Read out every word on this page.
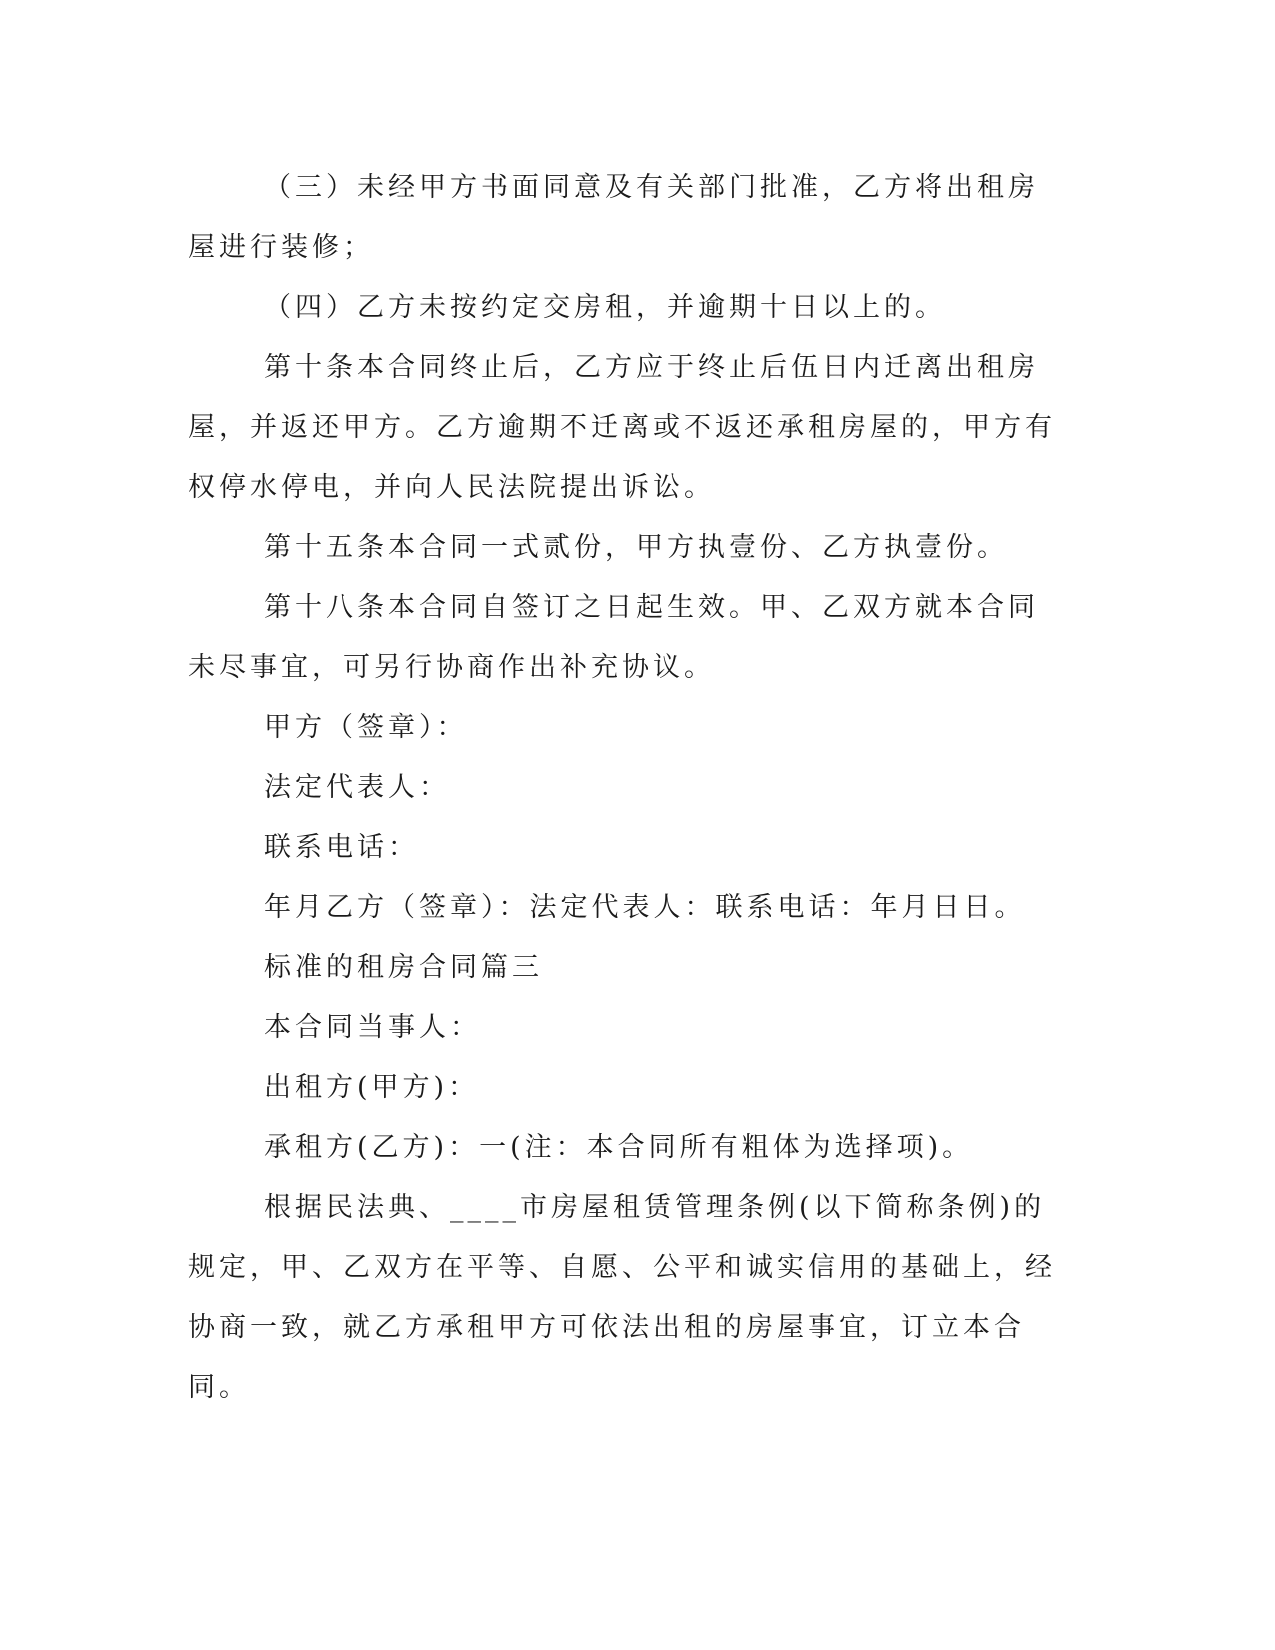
（三）未经甲方书面同意及有关部门批准，乙方将出租房屋进行装修；

（四）乙方未按约定交房租，并逾期十日以上的。

第十条本合同终止后，乙方应于终止后伍日内迁离出租房屋，并返还甲方。乙方逾期不迁离或不返还承租房屋的，甲方有权停水停电，并向人民法院提出诉讼。

第十五条本合同一式贰份，甲方执壹份、乙方执壹份。

第十八条本合同自签订之日起生效。甲、乙双方就本合同未尽事宜，可另行协商作出补充协议。

甲方（签章）：

法定代表人：

联系电话：

年月乙方（签章）：法定代表人：联系电话：年月日日。

标准的租房合同篇三

本合同当事人：

出租方(甲方)：

承租方(乙方)：一(注：本合同所有粗体为选择项)。

根据民法典、____市房屋租赁管理条例(以下简称条例)的规定，甲、乙双方在平等、自愿、公平和诚实信用的基础上，经协商一致，就乙方承租甲方可依法出租的房屋事宜，订立本合同。
